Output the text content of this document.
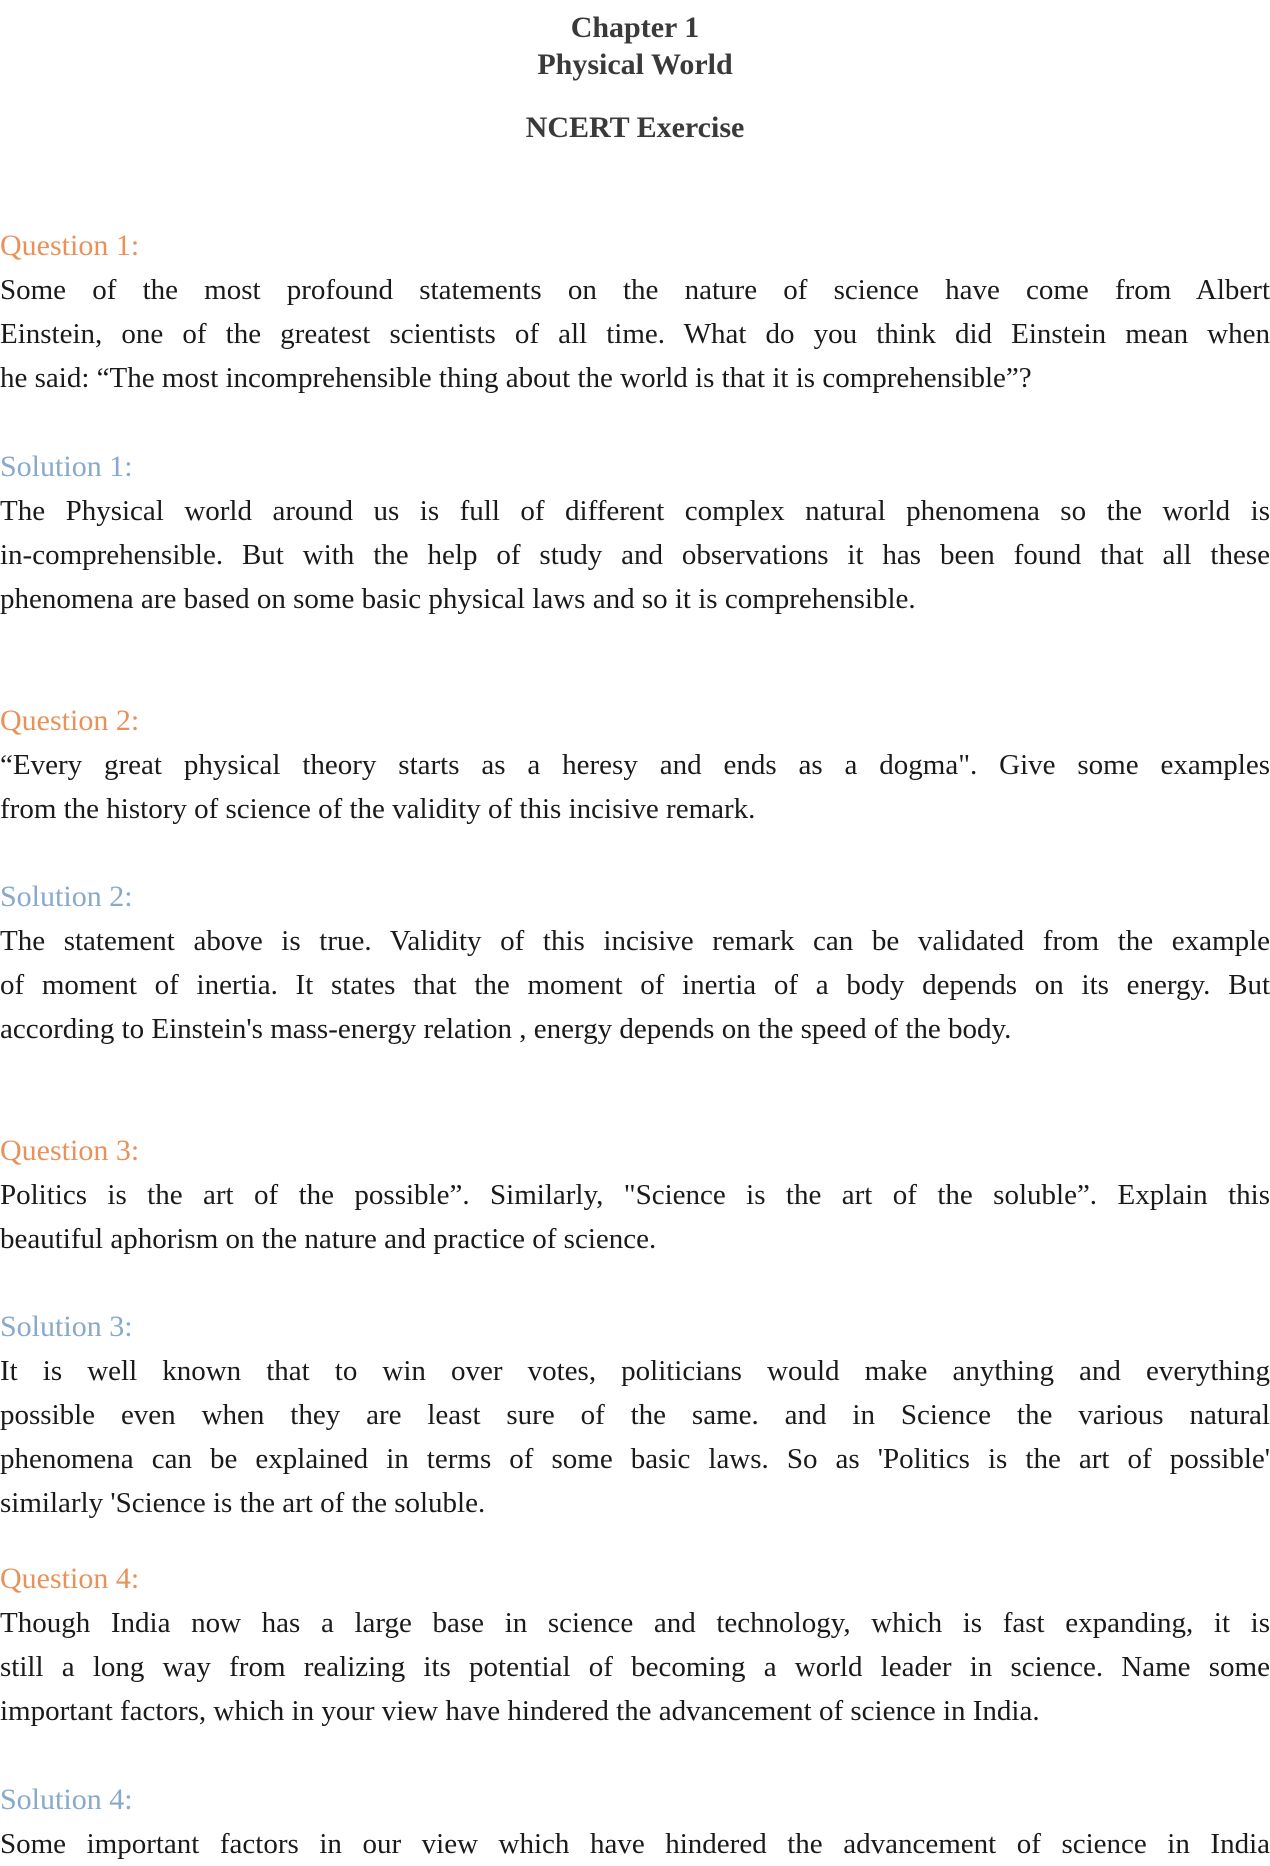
Chapter 1
Physical World
NCERT Exercise
Question 1:
Some of the most profound statements on the nature of science have come from Albert
Einstein, one of the greatest scientists of all time. What do you think did Einstein mean when
he said: “The most incomprehensible thing about the world is that it is comprehensible”?
Solution 1:
The Physical world around us is full of different complex natural phenomena so the world is
in-comprehensible. But with the help of study and observations it has been found that all these
phenomena are based on some basic physical laws and so it is comprehensible.
Question 2:
“Every great physical theory starts as a heresy and ends as a dogma". Give some examples
from the history of science of the validity of this incisive remark.
Solution 2:
The statement above is true. Validity of this incisive remark can be validated from the example
of moment of inertia. It states that the moment of inertia of a body depends on its energy. But
according to Einstein's mass-energy relation , energy depends on the speed of the body.
Question 3:
Politics is the art of the possible”. Similarly, "Science is the art of the soluble”. Explain this
beautiful aphorism on the nature and practice of science.
Solution 3:
It is well known that to win over votes, politicians would make anything and everything
possible even when they are least sure of the same. and in Science the various natural
phenomena can be explained in terms of some basic laws. So as 'Politics is the art of possible'
similarly 'Science is the art of the soluble.
Question 4:
Though India now has a large base in science and technology, which is fast expanding, it is
still a long way from realizing its potential of becoming a world leader in science. Name some
important factors, which in your view have hindered the advancement of science in India.
Solution 4:
Some important factors in our view which have hindered the advancement of science in India
